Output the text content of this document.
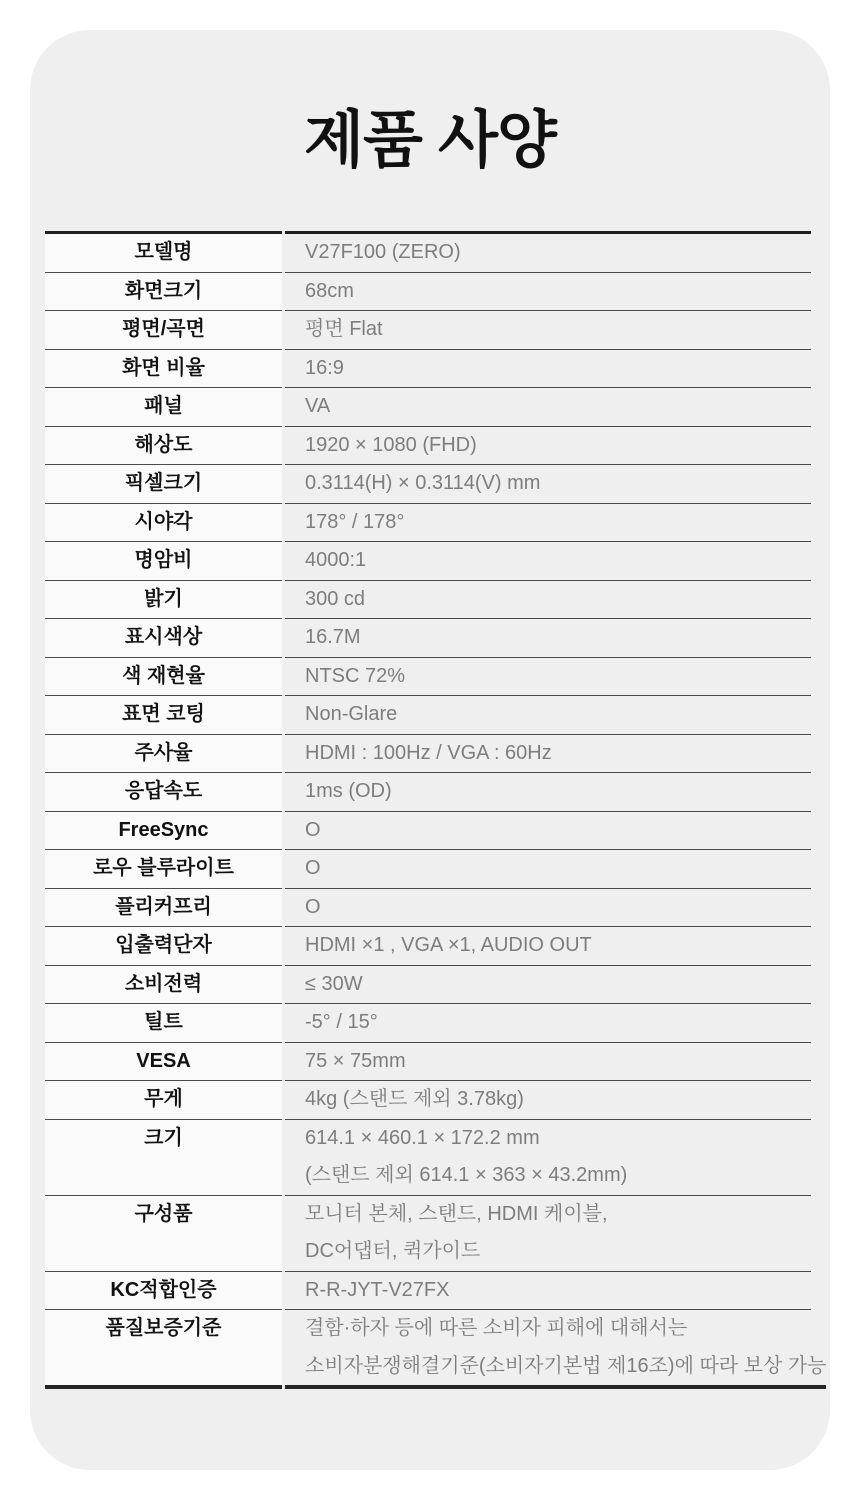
제품 사양
모델명	V27F100 (ZERO)
화면크기	68cm
평면/곡면	평면 Flat
화면 비율	16:9
패널	VA
해상도	1920 × 1080 (FHD)
픽셀크기	0.3114(H) × 0.3114(V) mm
시야각	178° / 178°
명암비	4000:1
밝기	300 cd
표시색상	16.7M
색 재현율	NTSC 72%
표면 코팅	Non-Glare
주사율	HDMI : 100Hz / VGA : 60Hz
응답속도	1ms (OD)
FreeSync	O
로우 블루라이트	O
플리커프리	O
입출력단자	HDMI ×1 , VGA ×1, AUDIO OUT
소비전력	≤ 30W
틸트	-5° / 15°
VESA	75 × 75mm
무게	4kg (스탠드 제외 3.78kg)
크기	614.1 × 460.1 × 172.2 mm
(스탠드 제외 614.1 × 363 × 43.2mm)
구성품	모니터 본체, 스탠드, HDMI 케이블,
DC어댑터, 퀵가이드
KC적합인증	R-R-JYT-V27FX
품질보증기준	결함·하자 등에 따른 소비자 피해에 대해서는
소비자분쟁해결기준(소비자기본법 제16조)에 따라 보상 가능
